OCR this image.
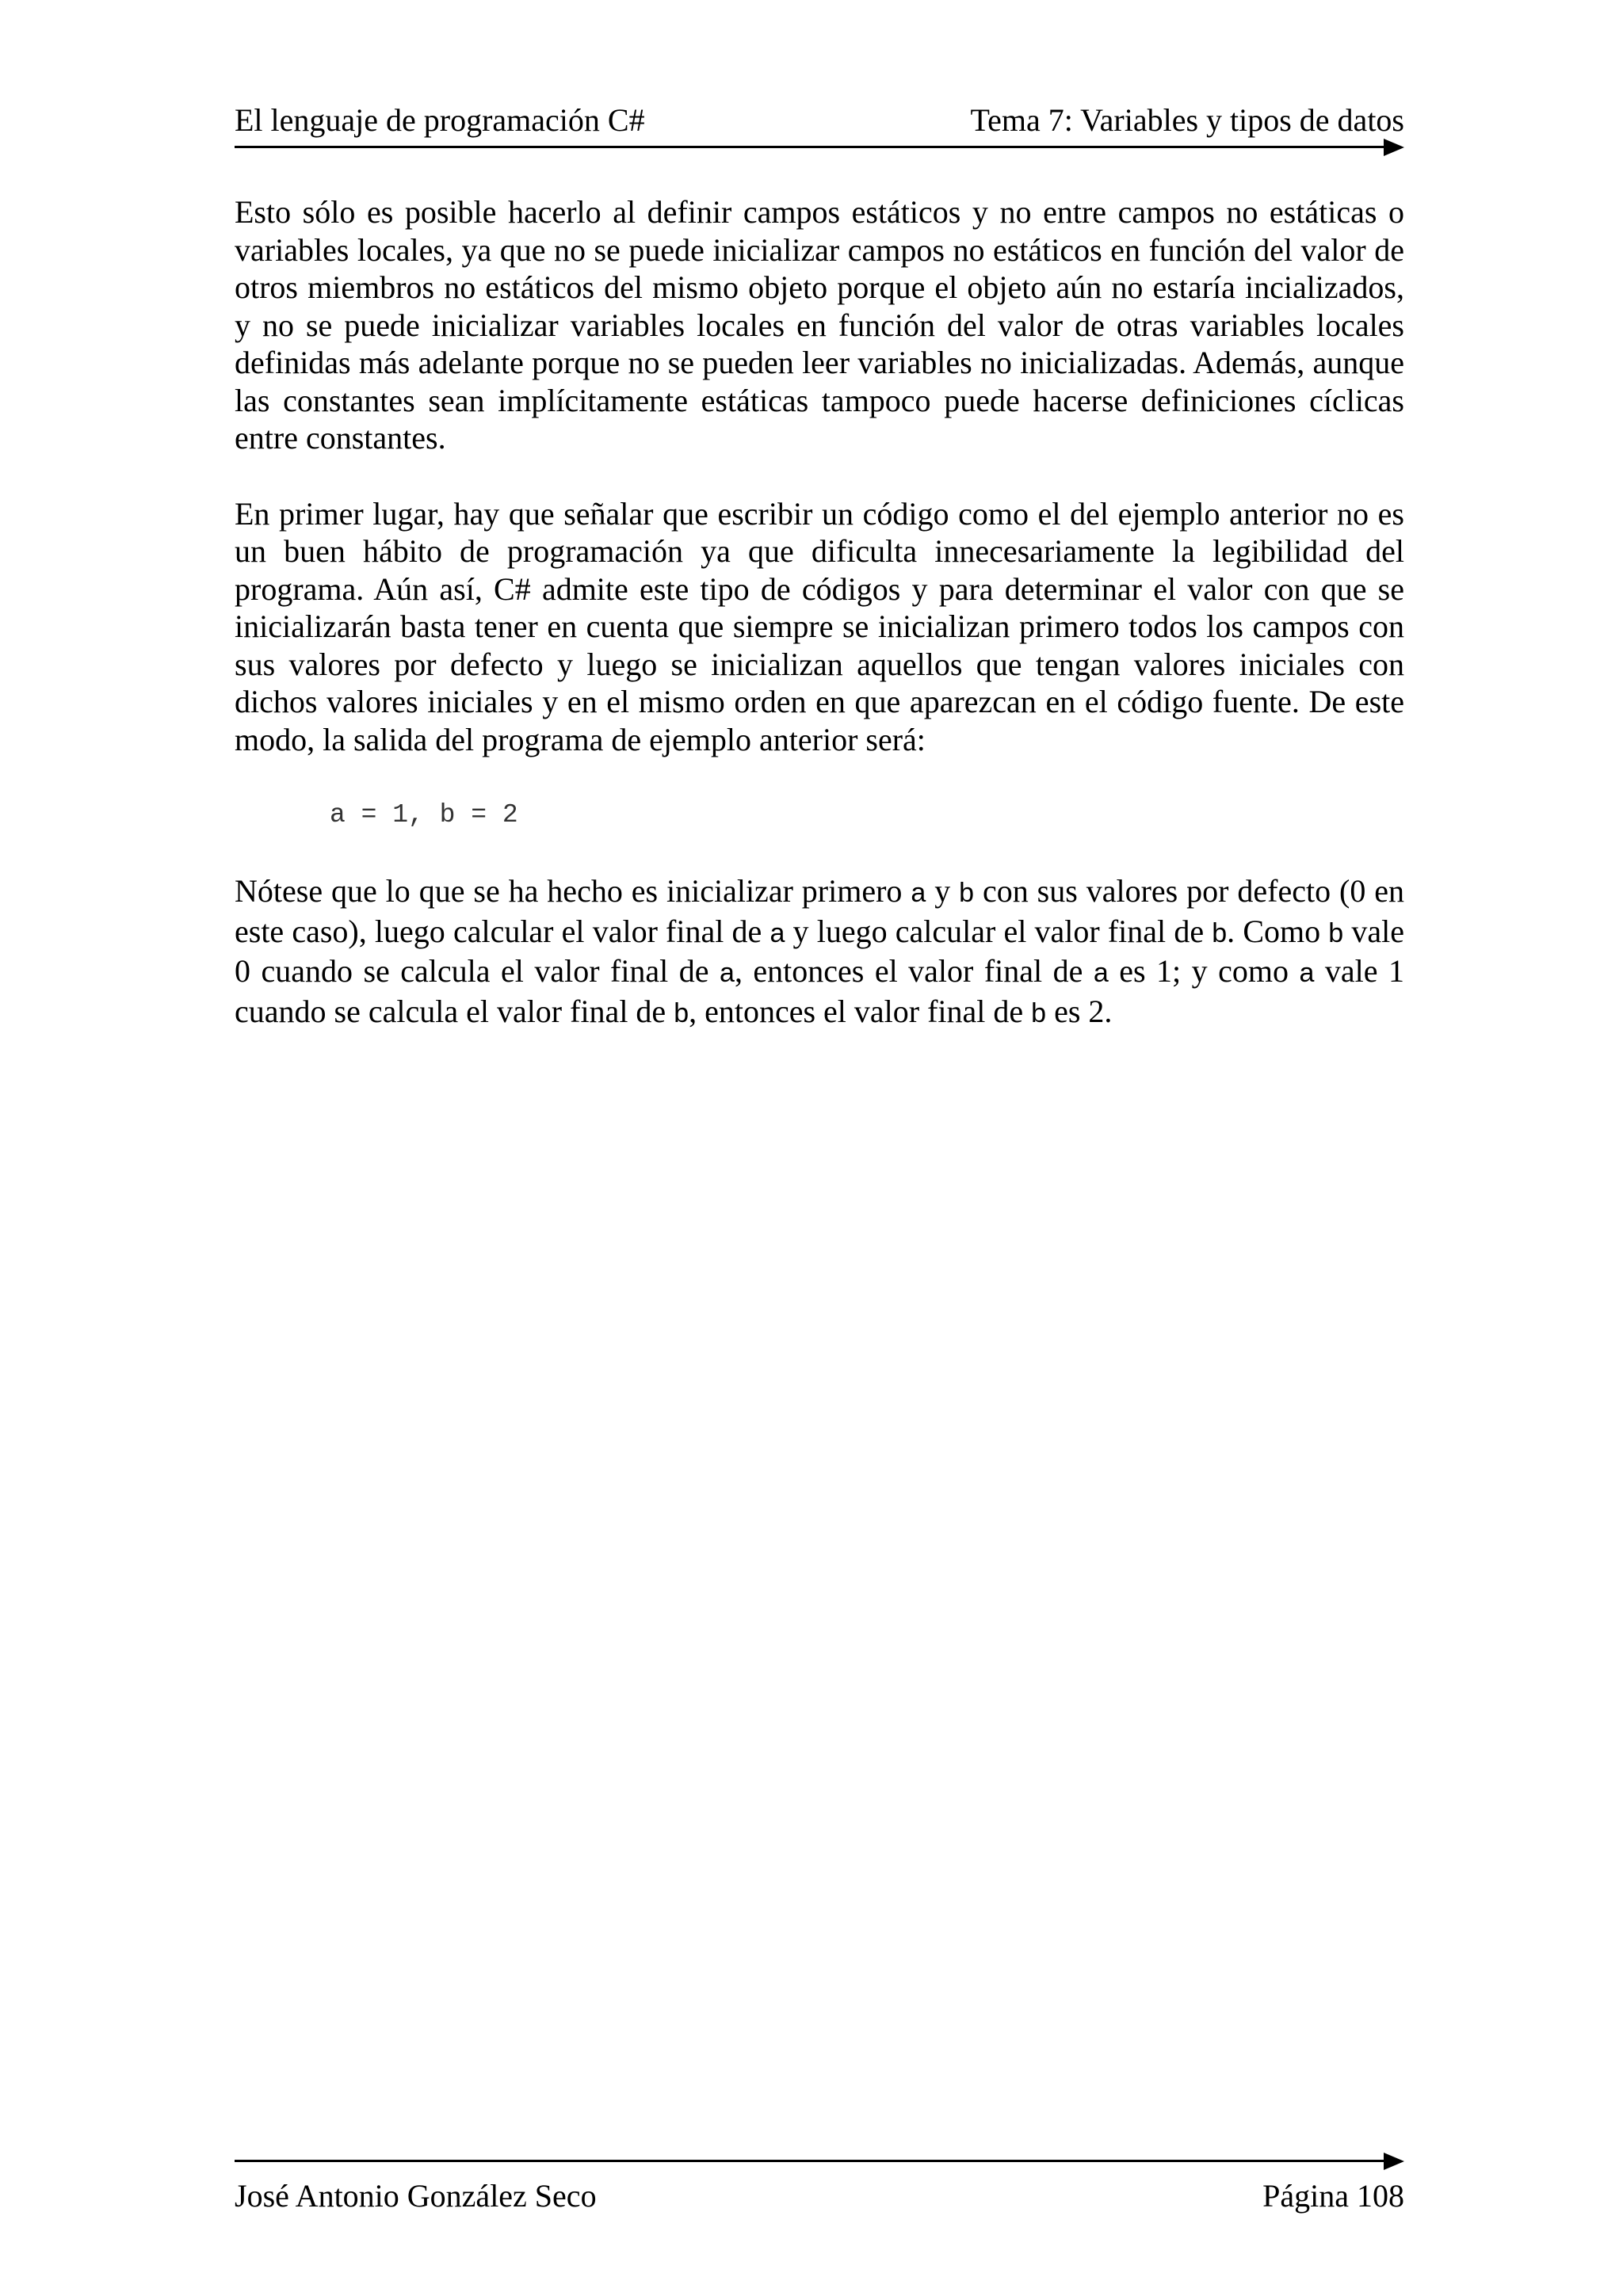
El lenguaje de programación C#	Tema 7: Variables y tipos de datos

Esto sólo es posible hacerlo al definir campos estáticos y no entre campos no estáticas o variables locales, ya que no se puede inicializar campos no estáticos en función del valor de otros miembros no estáticos del mismo objeto porque el objeto aún no estaría incializados, y no se puede inicializar variables locales en función del valor de otras variables locales definidas más adelante porque no se pueden leer variables no inicializadas. Además, aunque las constantes sean implícitamente estáticas tampoco puede hacerse definiciones cíclicas entre constantes.

En primer lugar, hay que señalar que escribir un código como el del ejemplo anterior no es un buen hábito de programación ya que dificulta innecesariamente la legibilidad del programa. Aún así, C# admite este tipo de códigos y para determinar el valor con que se inicializarán basta tener en cuenta que siempre se inicializan primero todos los campos con sus valores por defecto y luego se inicializan aquellos que tengan valores iniciales con dichos valores iniciales y en el mismo orden en que aparezcan en el código fuente. De este modo, la salida del programa de ejemplo anterior será:

a = 1, b = 2

Nótese que lo que se ha hecho es inicializar primero a y b con sus valores por defecto (0 en este caso), luego calcular el valor final de a y luego calcular el valor final de b. Como b vale 0 cuando se calcula el valor final de a, entonces el valor final de a es 1; y como a vale 1 cuando se calcula el valor final de b, entonces el valor final de b es 2.

José Antonio González Seco	Página 108
